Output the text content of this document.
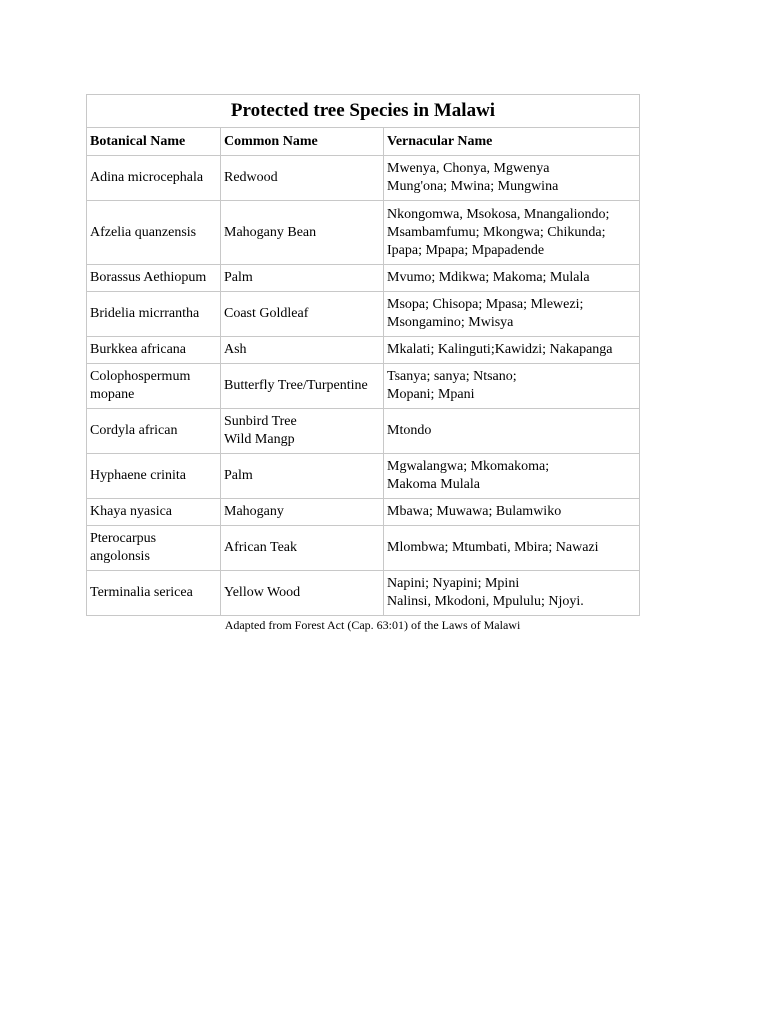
Protected tree Species in Malawi		
Botanical Name	Common Name	Vernacular Name

Adina microcephala	Redwood	Mwenya, Chonya, Mgwenya
Mung'ona; Mwina; Mungwina

Afzelia quanzensis	Mahogany Bean	Nkongomwa, Msokosa, Mnangaliondo;
Msambamfumu; Mkongwa; Chikunda;
Ipapa; Mpapa; Mpapadende

Borassus Aethiopum	Palm	Mvumo; Mdikwa; Makoma; Mulala

Bridelia micrrantha	Coast Goldleaf	Msopa; Chisopa; Mpasa; Mlewezi;
Msongamino; Mwisya

Burkkea africana	Ash	Mkalati; Kalinguti;Kawidzi; Nakapanga

Colophospermum
mopane	Butterfly Tree/Turpentine	Tsanya; sanya; Ntsano;
Mopani; Mpani

Cordyla african	Sunbird Tree
Wild Mangp	Mtondo

Hyphaene crinita	Palm	Mgwalangwa; Mkomakoma;
Makoma Mulala

Khaya nyasica	Mahogany	Mbawa; Muwawa; Bulamwiko

Pterocarpus
angolonsis	African Teak	Mlombwa; Mtumbati, Mbira; Nawazi

Terminalia sericea	Yellow Wood	Napini; Nyapini; Mpini
Nalinsi, Mkodoni, Mpululu; Njoyi.
Adapted from Forest Act (Cap. 63:01) of the Laws of Malawi
